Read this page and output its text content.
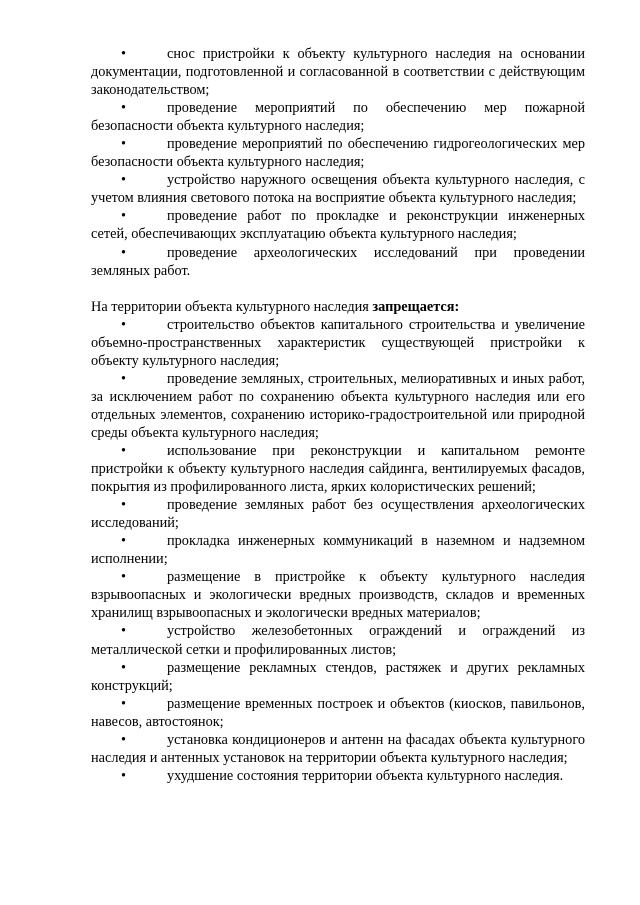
•	снос пристройки к объекту культурного наследия на основании документации, подготовленной и согласованной в соответствии с действующим законодательством;

•	проведение мероприятий по обеспечению мер пожарной безопасности объекта культурного наследия;

•	проведение мероприятий по обеспечению гидрогеологических мер безопасности объекта культурного наследия;

•	устройство наружного освещения объекта культурного наследия, с учетом влияния светового потока на восприятие объекта культурного наследия;

•	проведение работ по прокладке и реконструкции инженерных сетей, обеспечивающих эксплуатацию объекта культурного наследия;

•	проведение археологических исследований при проведении земляных работ.

На территории объекта культурного наследия запрещается:

•	строительство объектов капитального строительства и увеличение объемно-пространственных характеристик существующей пристройки к объекту культурного наследия;

•	проведение земляных, строительных, мелиоративных и иных работ, за исключением работ по сохранению объекта культурного наследия или его отдельных элементов, сохранению историко-градостроительной или природной среды объекта культурного наследия;

•	использование при реконструкции и капитальном ремонте пристройки к объекту культурного наследия сайдинга, вентилируемых фасадов, покрытия из профилированного листа, ярких колористических решений;

•	проведение земляных работ без осуществления археологических исследований;

•	прокладка инженерных коммуникаций в наземном и надземном исполнении;

•	размещение в пристройке к объекту культурного наследия взрывоопасных и экологически вредных производств, складов и временных хранилищ взрывоопасных и экологически вредных материалов;

•	устройство железобетонных ограждений и ограждений из металлической сетки и профилированных листов;

•	размещение рекламных стендов, растяжек и других рекламных конструкций;

•	размещение временных построек и объектов (киосков, павильонов, навесов, автостоянок;

•	установка кондиционеров и антенн на фасадах объекта культурного наследия и антенных установок на территории объекта культурного наследия;

•	ухудшение состояния территории объекта культурного наследия.
